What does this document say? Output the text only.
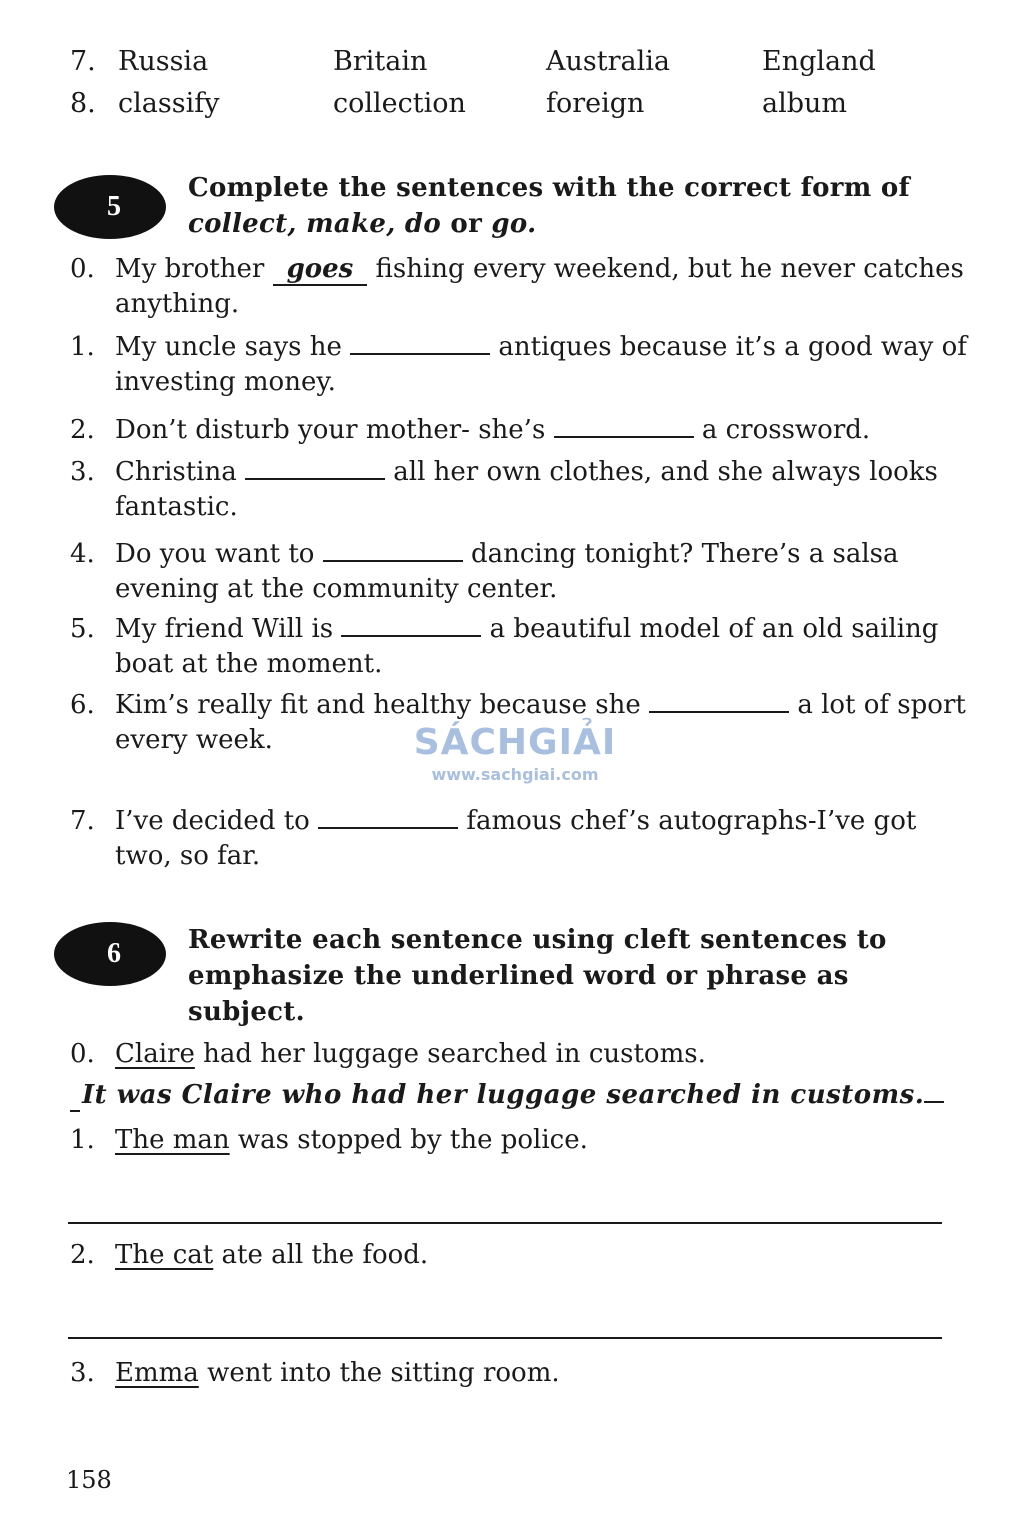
7. Russia	Britain	Australia	England
8. classify	collection	foreign	album
5
Complete the sentences with the correct form of
collect, make, do or go.
0. My brother goes fishing every weekend, but he never catches anything.
1. My uncle says he	antiques because it’s a good way of investing money.
2. Don’t disturb your mother- she’s	a crossword.
3. Christina	all her own clothes, and she always looks fantastic.
4. Do you want to	dancing tonight? There’s a salsa evening at the community center.
5. My friend Will is	a beautiful model of an old sailing boat at the moment.
6. Kim’s really fit and healthy because she	a lot of sport
every week.
7. I’ve decided to	famous chef’s autographs-I’ve got two, so far.
SÁCHGIẢI
www.sachgiai.com
6	Rewrite each sentence using cleft sentences to emphasize the underlined word or phrase as subject.
0. Claire had her luggage searched in customs.
It was Claire who had her luggage searched in customs.
1. The man was stopped by the police.
2. The cat ate all the food.
3. Emma went into the sitting room.
158
